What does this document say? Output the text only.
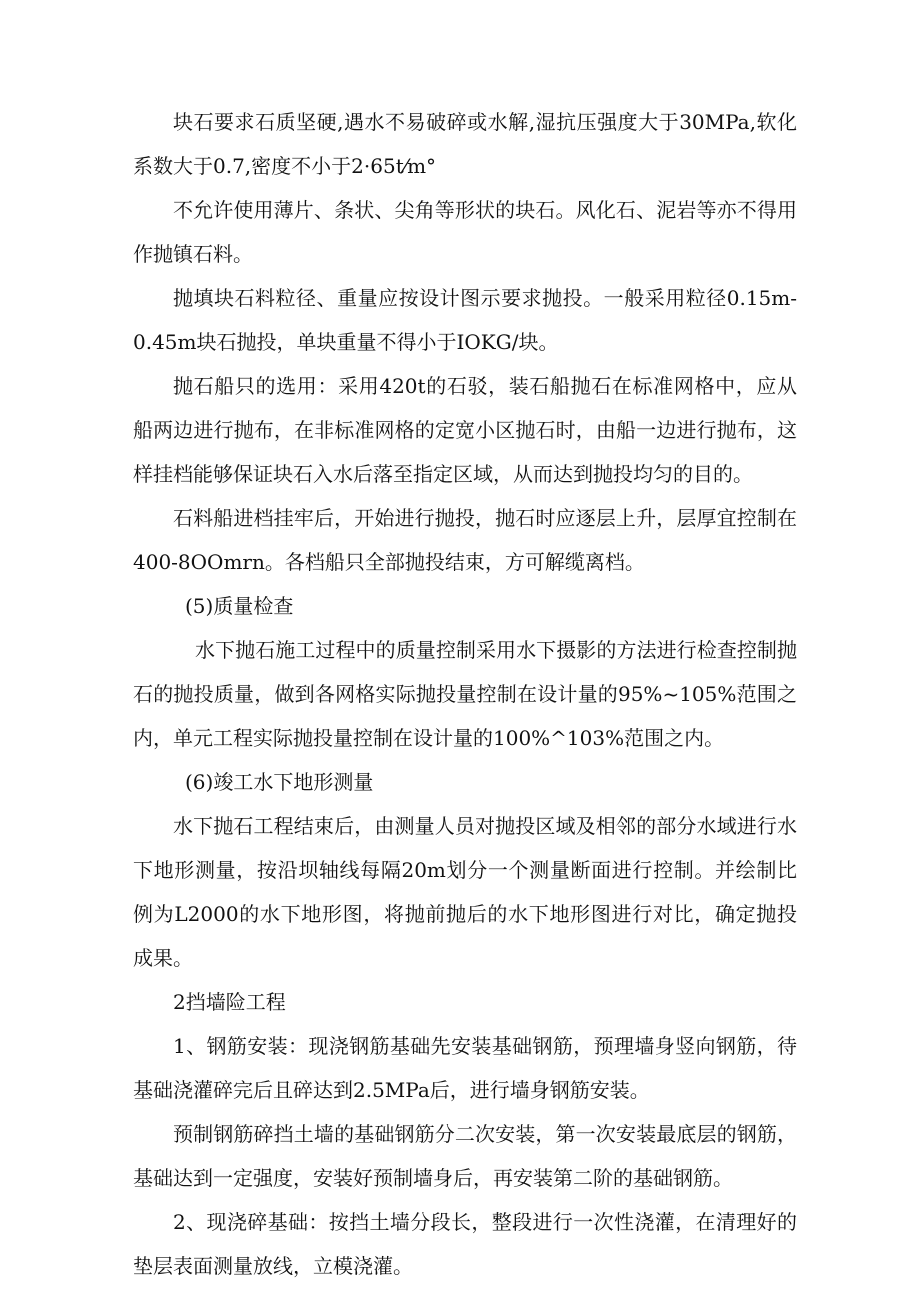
块石要求石质坚硬,遇水不易破碎或水解,湿抗压强度大于30MPa,软化系数大于0.7,密度不小于2·65t⁄m°

不允许使用薄片、条状、尖角等形状的块石。风化石、泥岩等亦不得用作抛镇石料。

抛填块石料粒径、重量应按设计图示要求抛投。一般采用粒径0.15m-0.45m块石抛投，单块重量不得小于IOKG/块。

抛石船只的选用：采用420t的石驳，装石船抛石在标准网格中，应从船两边进行抛布，在非标准网格的定宽小区抛石时，由船一边进行抛布，这样挂档能够保证块石入水后落至指定区域，从而达到抛投均匀的目的。

石料船进档挂牢后，开始进行抛投，抛石时应逐层上升，层厚宜控制在400-8OOmrn。各档船只全部抛投结束，方可解缆离档。

(5)质量检查

水下抛石施工过程中的质量控制采用水下摄影的方法进行检查控制抛石的抛投质量，做到各网格实际抛投量控制在设计量的95%~105%范围之内，单元工程实际抛投量控制在设计量的100%^103%范围之内。

(6)竣工水下地形测量

水下抛石工程结束后，由测量人员对抛投区域及相邻的部分水域进行水下地形测量，按沿坝轴线每隔20m划分一个测量断面进行控制。并绘制比例为L2000的水下地形图，将抛前抛后的水下地形图进行对比，确定抛投成果。

2挡墙险工程

1、钢筋安装：现浇钢筋基础先安装基础钢筋，预理墙身竖向钢筋，待基础浇灌碎完后且碎达到2.5MPa后，进行墙身钢筋安装。

预制钢筋碎挡土墙的基础钢筋分二次安装，第一次安装最底层的钢筋，基础达到一定强度，安装好预制墙身后，再安装第二阶的基础钢筋。

2、现浇碎基础：按挡土墙分段长，整段进行一次性浇灌，在清理好的垫层表面测量放线，立模浇灌。
